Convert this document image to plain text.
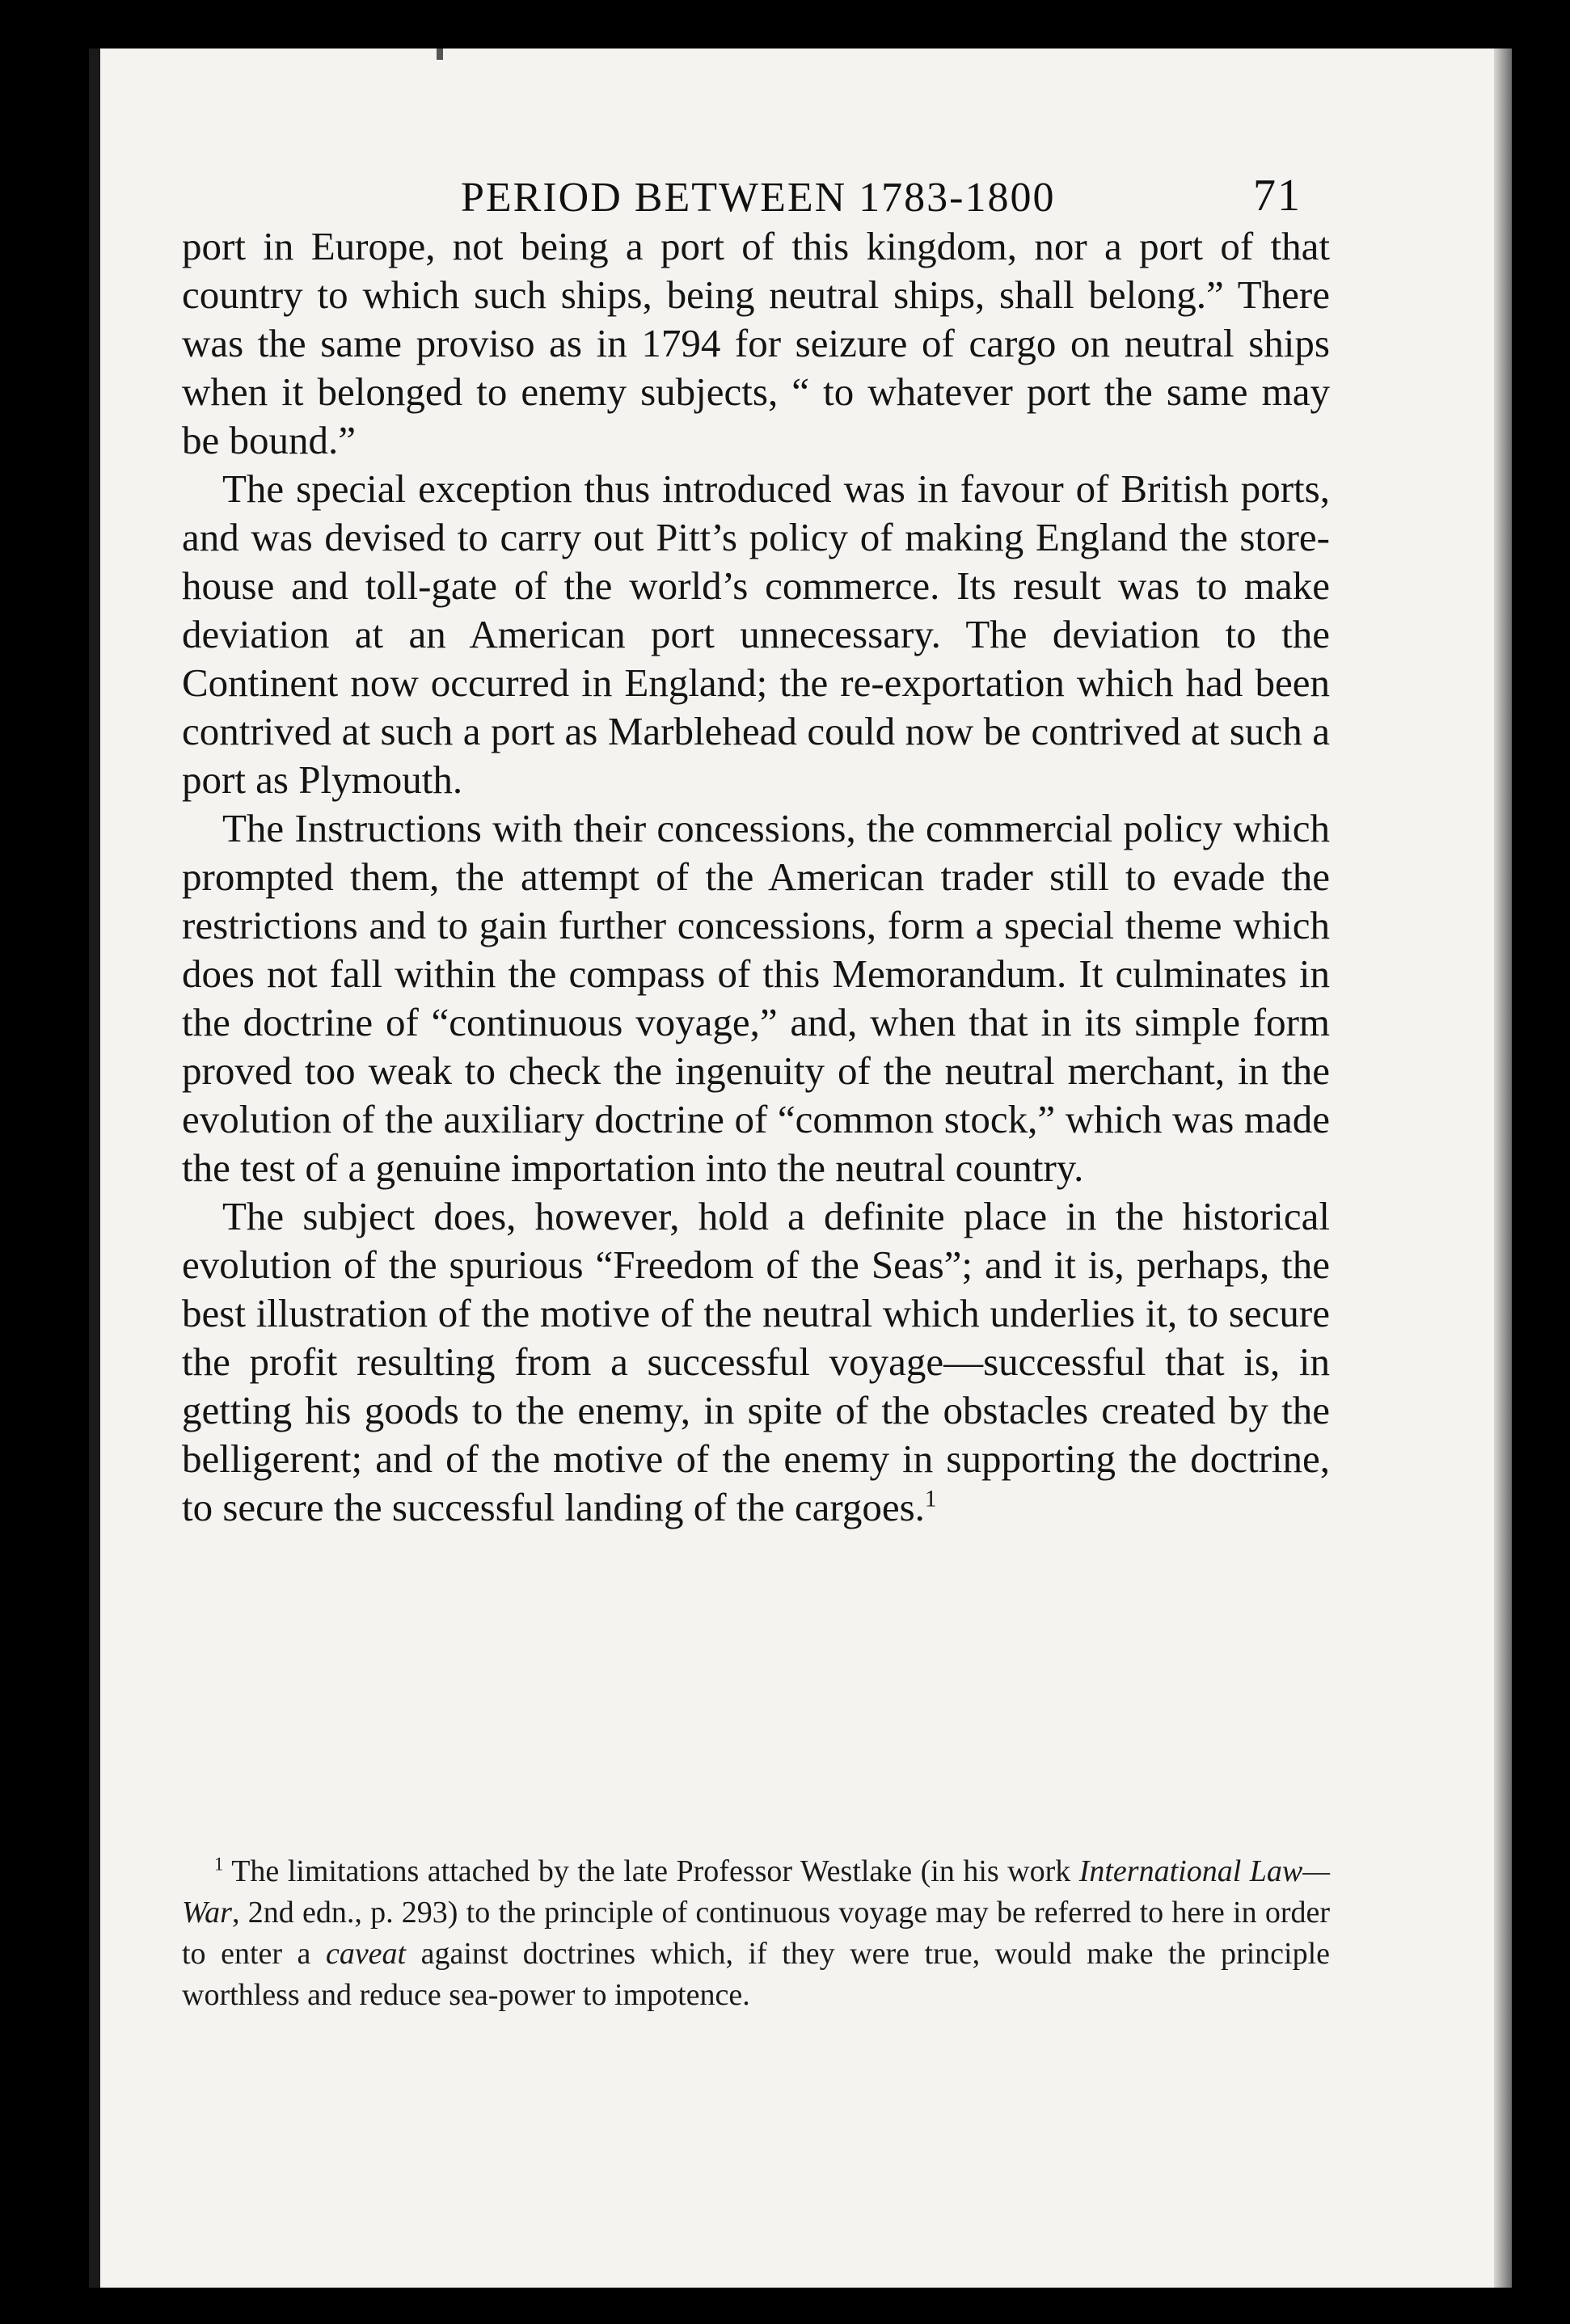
PERIOD BETWEEN 1783-1800	71

port in Europe, not being a port of this kingdom, nor a port of that country to which such ships, being neutral ships, shall belong.” There was the same proviso as in 1794 for seizure of cargo on neutral ships when it belonged to enemy subjects, “ to whatever port the same may be bound.”

The special exception thus introduced was in favour of British ports, and was devised to carry out Pitt’s policy of making England the store-house and toll-gate of the world’s commerce. Its result was to make deviation at an American port unnecessary. The deviation to the Continent now occurred in England; the re-exportation which had been contrived at such a port as Marblehead could now be contrived at such a port as Plymouth.

The Instructions with their concessions, the commercial policy which prompted them, the attempt of the American trader still to evade the restrictions and to gain further concessions, form a special theme which does not fall within the compass of this Memorandum. It culminates in the doctrine of “continuous voyage,” and, when that in its simple form proved too weak to check the ingenuity of the neutral merchant, in the evolution of the auxiliary doctrine of “common stock,” which was made the test of a genuine importation into the neutral country.

The subject does, however, hold a definite place in the historical evolution of the spurious “Freedom of the Seas”; and it is, perhaps, the best illustration of the motive of the neutral which underlies it, to secure the profit resulting from a successful voyage—successful that is, in getting his goods to the enemy, in spite of the obstacles created by the belligerent; and of the motive of the enemy in supporting the doctrine, to secure the successful landing of the cargoes.$^1$

$^1$ The limitations attached by the late Professor Westlake (in his work International Law—War, 2nd edn., p. 293) to the principle of continuous voyage may be referred to here in order to enter a caveat against doctrines which, if they were true, would make the principle worthless and reduce sea-power to impotence.
